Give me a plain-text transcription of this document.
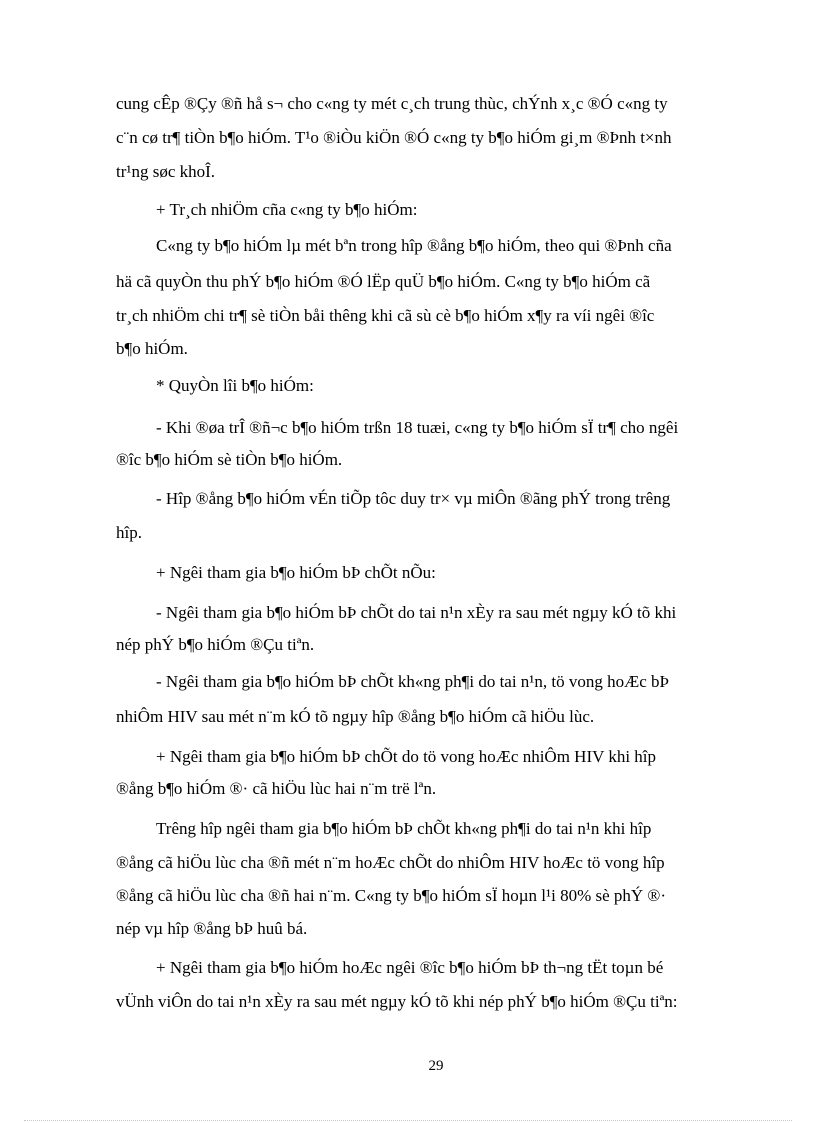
cung cÊp ®Çy ®ñ hå s¬ cho c«ng ty mét c¸ch trung thùc, chÝnh x¸c ®Ó c«ng ty
c¨n cø tr¶ tiÒn b¶o hiÓm. T¹o ®iÒu kiÖn ®Ó c«ng ty b¶o hiÓm gi¸m ®Þnh t×nh
tr¹ng søc khoÎ.
+ Tr¸ch nhiÖm cña c«ng ty b¶o hiÓm:
C«ng ty b¶o hiÓm lµ mét bªn trong hîp ®ång b¶o hiÓm, theo qui ®Þnh cña
hä cã quyÒn thu phÝ b¶o hiÓm ®Ó lËp quÜ b¶o hiÓm. C«ng ty b¶o hiÓm cã
tr¸ch nhiÖm chi tr¶ sè tiÒn båi thêng khi cã sù cè b¶o hiÓm x¶y ra víi ngêi ®îc
b¶o hiÓm.
* QuyÒn lîi b¶o hiÓm:
- Khi ®øa trÎ ®ñ¬c b¶o hiÓm trßn 18 tuæi, c«ng ty b¶o hiÓm sÏ tr¶ cho ngêi
®îc b¶o hiÓm sè tiÒn b¶o hiÓm.
- Hîp ®ång b¶o hiÓm vÉn tiÕp tôc duy tr× vµ miÔn ®ãng phÝ trong trêng
hîp.
+ Ngêi tham gia b¶o hiÓm bÞ chÕt nÕu:
- Ngêi tham gia b¶o hiÓm bÞ chÕt do tai n¹n xÈy ra sau mét ngµy kÓ tõ khi
nép phÝ b¶o hiÓm ®Çu tiªn.
- Ngêi tham gia b¶o hiÓm bÞ chÕt kh«ng ph¶i do tai n¹n, tö vong hoÆc bÞ
nhiÔm HIV sau mét n¨m kÓ tõ ngµy hîp ®ång b¶o hiÓm cã hiÖu lùc.
+ Ngêi tham gia b¶o hiÓm bÞ chÕt do tö vong hoÆc nhiÔm HIV khi hîp
®ång b¶o hiÓm ®· cã hiÖu lùc hai n¨m trë lªn.
Trêng hîp ngêi tham gia b¶o hiÓm bÞ chÕt kh«ng ph¶i do tai n¹n khi hîp
®ång cã hiÖu lùc cha ®ñ mét n¨m hoÆc chÕt do nhiÔm HIV hoÆc tö vong hîp
®ång cã hiÖu lùc cha ®ñ hai n¨m. C«ng ty b¶o hiÓm sÏ hoµn l¹i 80% sè phÝ ®·
nép vµ hîp ®ång bÞ huû bá.
+ Ngêi tham gia b¶o hiÓm hoÆc ngêi ®îc b¶o hiÓm bÞ th¬ng tËt toµn bé
vÜnh viÔn do tai n¹n xÈy ra sau mét ngµy kÓ tõ khi nép phÝ b¶o hiÓm ®Çu tiªn:
29
